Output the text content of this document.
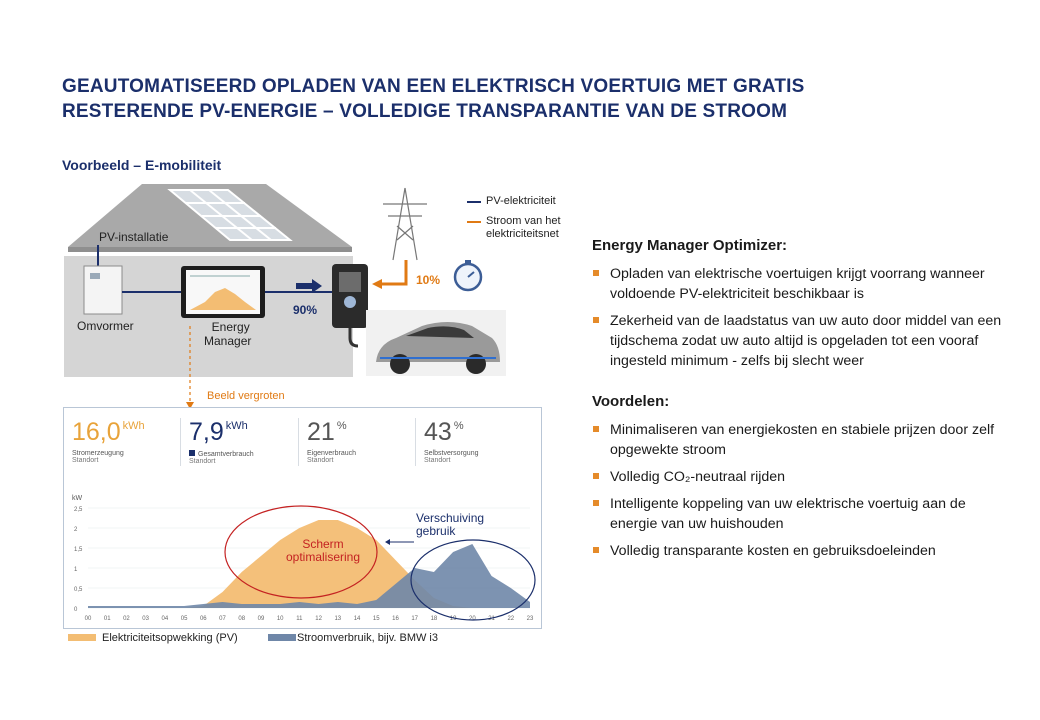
GEAUTOMATISEERD OPLADEN VAN EEN ELEKTRISCH VOERTUIG MET GRATIS
RESTERENDE PV-ENERGIE – VOLLEDIGE TRANSPARANTIE VAN DE STROOM
Voorbeeld – E-mobiliteit
PV-installatie
Omvormer	Energy
Manager
90%
10%
Beeld vergroten
PV-elektriciteit
Stroom van het
elektriciteitsnet
16,0 $^{kWh}$
Stromerzeugung
Standort
7,9 $^{kWh}$
Gesamtverbrauch
Standort
21 %
Eigenverbrauch
Standort
43 %
Selbstversorgung
Standort
kW
0
0,5
1
1,5
2
2,5
00 01 02 03 04 05 06 07 08 09 10 11 12 13 14 15 16 17 18 19 20 21 22 23
Scherm
optimalisering
Verschuiving
gebruik
Elektriciteitsopwekking (PV)	Stroomverbruik, bijv. BMW i3
Energy Manager Optimizer:
Opladen van elektrische voertuigen krijgt voorrang wanneer voldoende PV-elektriciteit beschikbaar is
Zekerheid van de laadstatus van uw auto door middel van een tijdschema zodat uw auto altijd is opgeladen tot een vooraf ingesteld minimum - zelfs bij slecht weer
Voordelen:
Minimaliseren van energiekosten en stabiele prijzen door zelf opgewekte stroom
Volledig CO₂-neutraal rijden
Intelligente koppeling van uw elektrische voertuig aan de energie van uw huishouden
Volledig transparante kosten en gebruiksdoeleinden
